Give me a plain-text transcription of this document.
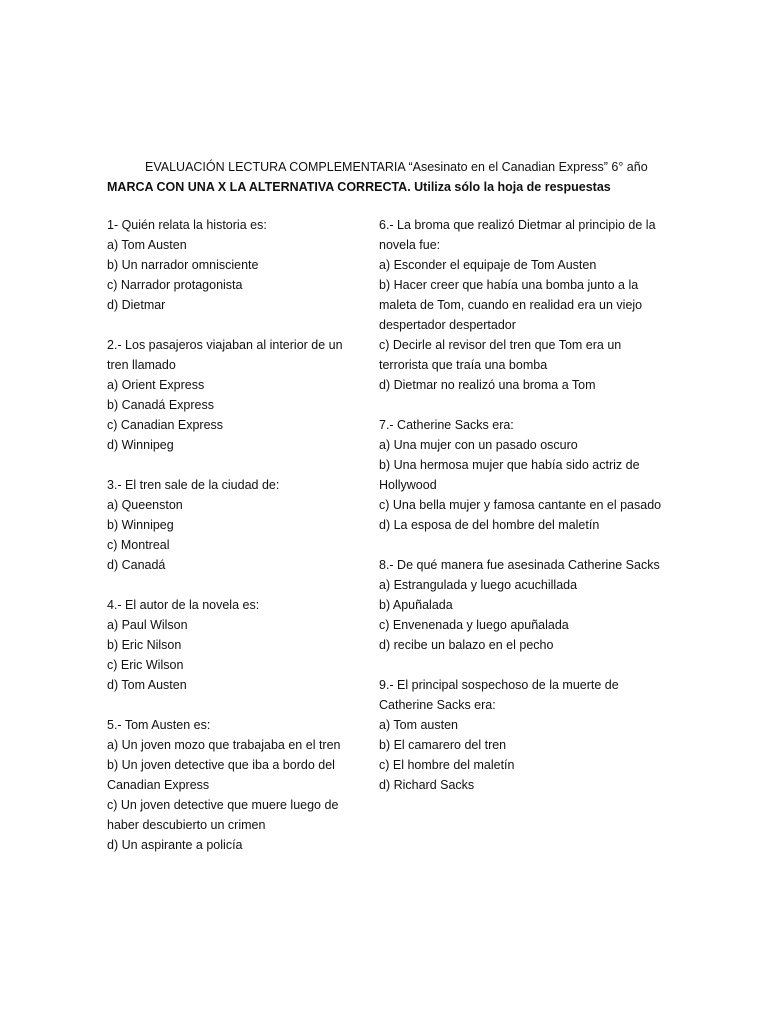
EVALUACIÓN LECTURA COMPLEMENTARIA “Asesinato en el Canadian Express” 6° año
MARCA CON UNA X LA ALTERNATIVA CORRECTA. Utiliza sólo la hoja de respuestas

1- Quién relata la historia es:

a) Tom Austen

b) Un narrador omnisciente

c) Narrador protagonista

d) Dietmar

2.- Los pasajeros viajaban al interior de un tren llamado

a) Orient Express

b) Canadá Express

c) Canadian Express

d) Winnipeg

3.- El tren sale de la ciudad de:

a) Queenston

b) Winnipeg

c) Montreal

d) Canadá

4.- El autor de la novela es:

a) Paul Wilson

b) Eric Nilson

c) Eric Wilson

d) Tom Austen

5.- Tom Austen es:

a) Un joven mozo que trabajaba en el tren

b) Un joven detective que iba a bordo del Canadian Express

c) Un joven detective que muere luego de haber descubierto un crimen

d) Un aspirante a policía

6.- La broma que realizó Dietmar al principio de la novela fue:

a) Esconder el equipaje de Tom Austen

b) Hacer creer que había una bomba junto a la maleta de Tom, cuando en realidad era un viejo despertador despertador

c) Decirle al revisor del tren que Tom era un terrorista que traía una bomba

d) Dietmar no realizó una broma a Tom

7.- Catherine Sacks era:

a) Una mujer con un pasado oscuro

b) Una hermosa mujer que había sido actriz de Hollywood

c) Una bella mujer y famosa cantante en el pasado

d) La esposa de del hombre del maletín

8.- De qué manera fue asesinada Catherine Sacks

a) Estrangulada y luego acuchillada

b) Apuñalada

c) Envenenada y luego apuñalada

d) recibe un balazo en el pecho

9.- El principal sospechoso de la muerte de Catherine Sacks era:

a) Tom austen

b) El camarero del tren

c) El hombre del maletín

d) Richard Sacks
